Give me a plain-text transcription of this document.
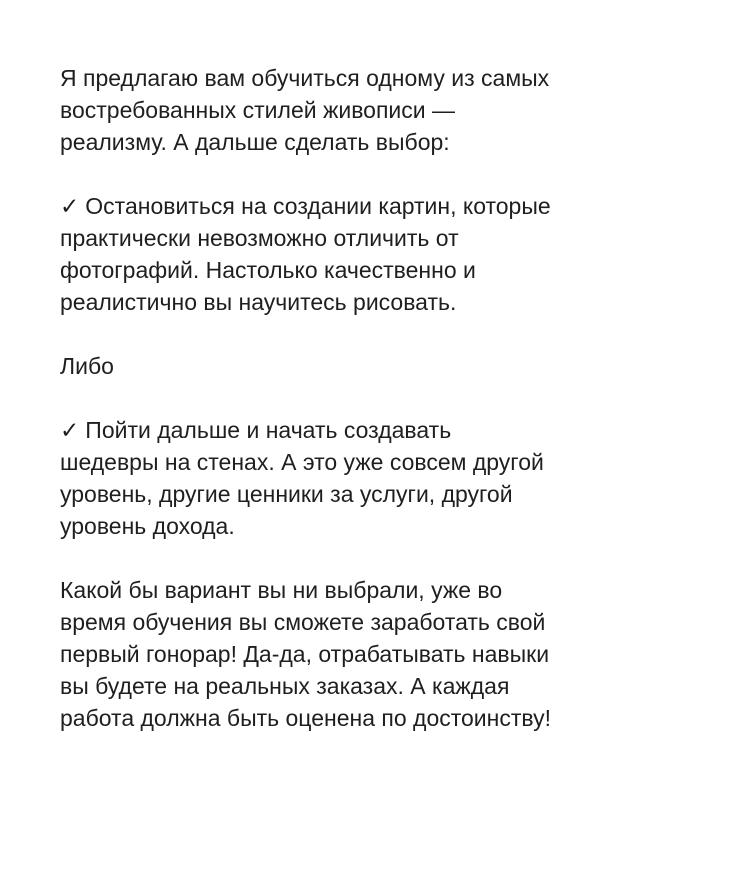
Я предлагаю вам обучиться одному из самых
востребованных стилей живописи —
реализму. А дальше сделать выбор:

✓ Остановиться на создании картин, которые
практически невозможно отличить от
фотографий. Настолько качественно и
реалистично вы научитесь рисовать.

Либо

✓ Пойти дальше и начать создавать
шедевры на стенах. А это уже совсем другой
уровень, другие ценники за услуги, другой
уровень дохода.

Какой бы вариант вы ни выбрали, уже во
время обучения вы сможете заработать свой
первый гонорар! Да-да, отрабатывать навыки
вы будете на реальных заказах. А каждая
работа должна быть оценена по достоинству!
